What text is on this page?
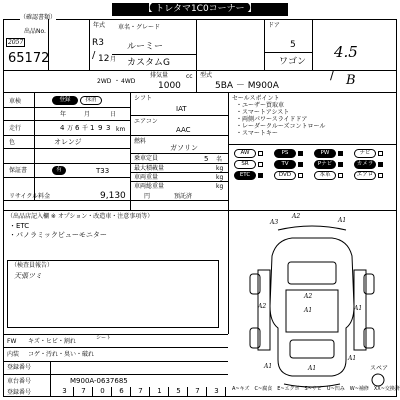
【 トレタマ1C0コーナー 】
（確認書類）
出品No.
2057
65172
年式
R3
/ 12 月
車名・グレード
ルーミー
カスタムG
ドア
5
ワゴン
4.5
B
/
2WD ・ 4WD
排気量
1000
cc 型式
5BA － M900A
車検	登録	抹消
年	月	日
走行	4 万 6 千 1 9 3 km
色	オレンジ
保証書	有	T33
リサイクル料金	9,130	円	預託済
シフト
IAT
エアコン
AAC
燃料
ガソリン
乗車定員	5 名
最大積載量	kg
車両重量	kg
車両総重量	kg
セールスポイント
・ユーザー買取車
・スマートアシスト
・両側パワースライドドア
・レーダークルーズコントロール
・スマートキー
AW	PS	PW	ナビ
SR	TV	Pナビ	カメラ
ETC	DVD	本革	エアロ
（出品店記入欄 ※ オプション・改造車・注意事項等）
・ETC
・パノラミックビューモニター
（検査員報告）
天張ツミ
FW キズ・ヒビ・割れ	シート
内装 コゲ・汚れ・臭い・破れ
登録番号
車台番号	M900A-0637685
登録番号	3	7	0	6	7	1	5	7	3
A3
A2
A1
A2
A2
A1	A1
A1	A1
A1
スペア
A~キズ　C~腐食　E~エクボ　S~サビ　U~凹み　W~補修　XX~交換済
